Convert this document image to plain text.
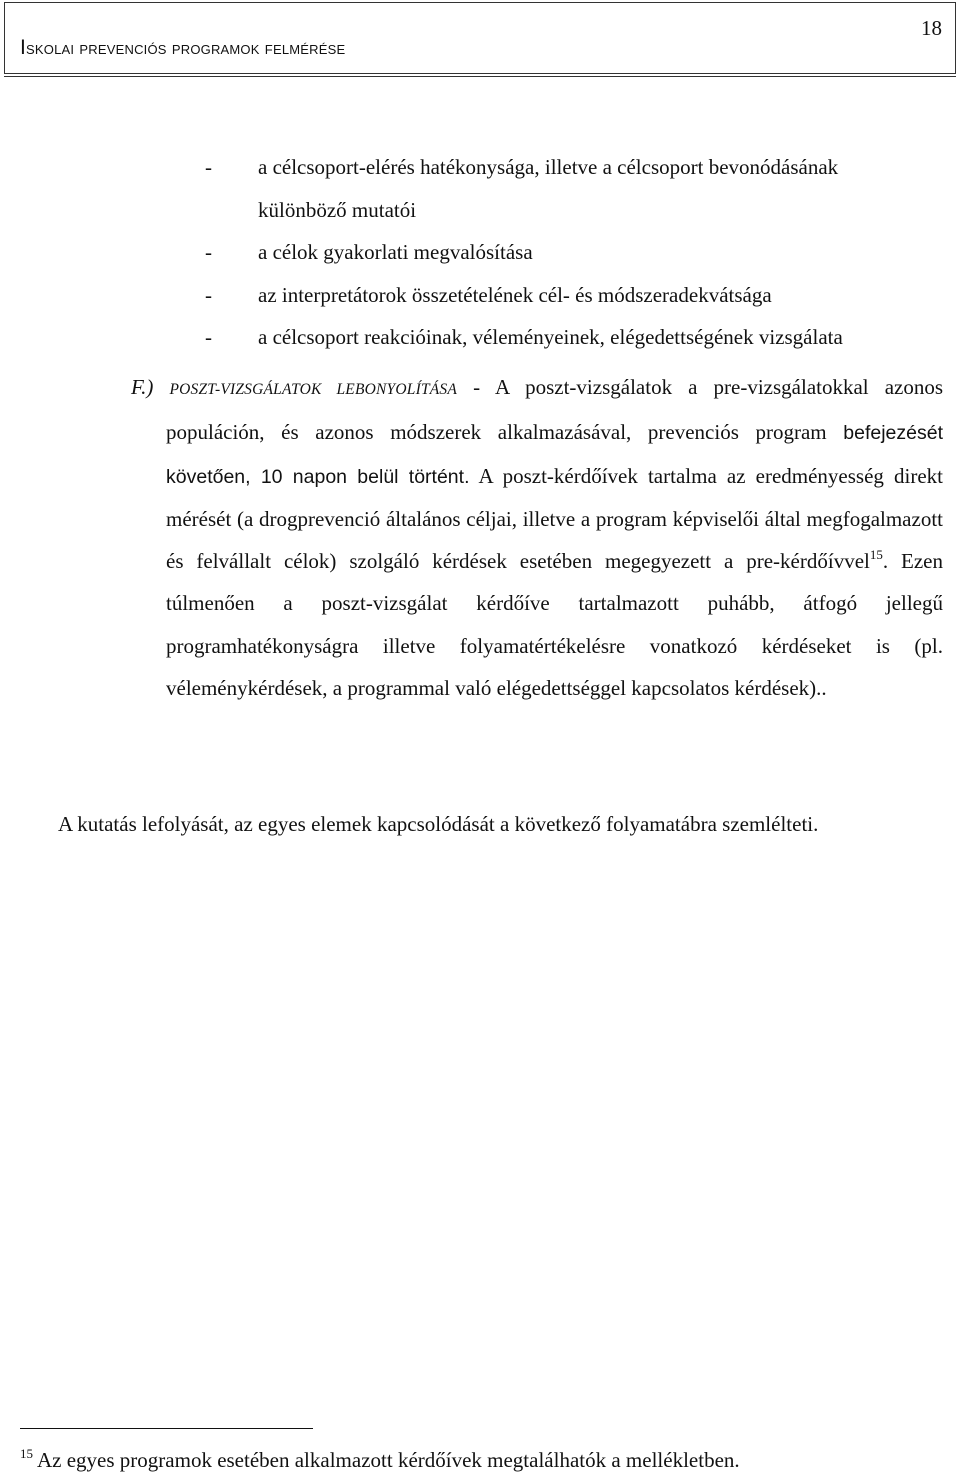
Iskolai prevenciós programok felmérése
18
- a célcsoport-elérés hatékonysága, illetve a célcsoport bevonódásának
különböző mutatói
- a célok gyakorlati megvalósítása
- az interpretátorok összetételének cél- és módszeradekvátsága
- a célcsoport reakcióinak, véleményeinek, elégedettségének vizsgálata
F.) POSZT-VIZSGÁLATOK LEBONYOLÍTÁSA - A poszt-vizsgálatok a pre-vizsgálatokkal azonos populáción, és azonos módszerek alkalmazásával, prevenciós program befejezését követően, 10 napon belül történt. A poszt-kérdőívek tartalma az eredményesség direkt mérését (a drogprevenció általános céljai, illetve a program képviselői által megfogalmazott és felvállalt célok) szolgáló kérdések esetében megegyezett a pre-kérdőívvel$^{15}$. Ezen túlmenően a poszt-vizsgálat kérdőíve tartalmazott puhább, átfogó jellegű programhatékonyságra illetve folyamatértékelésre vonatkozó kérdéseket is (pl. véleménykérdések, a programmal való elégedettséggel kapcsolatos kérdések)..
A kutatás lefolyását, az egyes elemek kapcsolódását a következő folyamatábra szemlélteti.
$^{15}$ Az egyes programok esetében alkalmazott kérdőívek megtalálhatók a mellékletben.
